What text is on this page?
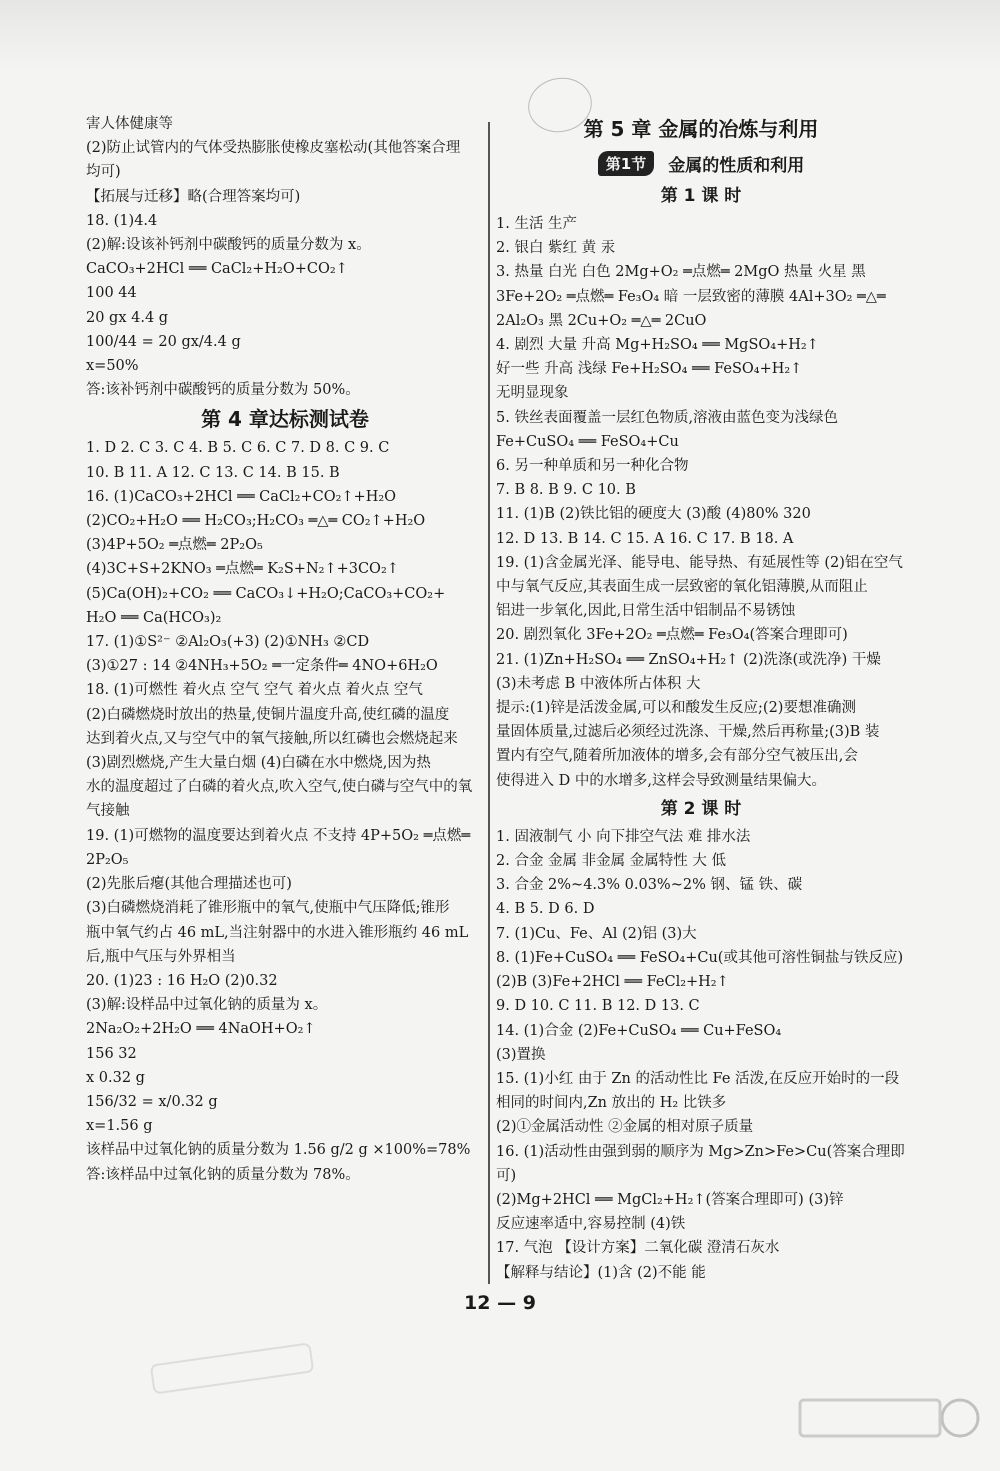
害人体健康等
(2)防止试管内的气体受热膨胀使橡皮塞松动(其他答案合理
均可)
【拓展与迁移】略(合理答案均可)
18. (1)4.4
(2)解:设该补钙剂中碳酸钙的质量分数为 x。
CaCO₃+2HCl ══ CaCl₂+H₂O+CO₂↑
100 44
20 gx 4.4 g
100/44 = 20 gx/4.4 g
x=50%
答:该补钙剂中碳酸钙的质量分数为 50%。
第 4 章达标测试卷
1. D 2. C 3. C 4. B 5. C 6. C 7. D 8. C 9. C
10. B 11. A 12. C 13. C 14. B 15. B
16. (1)CaCO₃+2HCl ══ CaCl₂+CO₂↑+H₂O
(2)CO₂+H₂O ══ H₂CO₃;H₂CO₃ ═△═ CO₂↑+H₂O
(3)4P+5O₂ ═点燃═ 2P₂O₅
(4)3C+S+2KNO₃ ═点燃═ K₂S+N₂↑+3CO₂↑
(5)Ca(OH)₂+CO₂ ══ CaCO₃↓+H₂O;CaCO₃+CO₂+
H₂O ══ Ca(HCO₃)₂
17. (1)①S²⁻ ②Al₂O₃(+3) (2)①NH₃ ②CD
(3)①27 : 14 ②4NH₃+5O₂ ═一定条件═ 4NO+6H₂O
18. (1)可燃性 着火点 空气 空气 着火点 着火点 空气
(2)白磷燃烧时放出的热量,使铜片温度升高,使红磷的温度
达到着火点,又与空气中的氧气接触,所以红磷也会燃烧起来
(3)剧烈燃烧,产生大量白烟 (4)白磷在水中燃烧,因为热
水的温度超过了白磷的着火点,吹入空气,使白磷与空气中的氧
气接触
19. (1)可燃物的温度要达到着火点 不支持 4P+5O₂ ═点燃═
2P₂O₅
(2)先胀后瘪(其他合理描述也可)
(3)白磷燃烧消耗了锥形瓶中的氧气,使瓶中气压降低;锥形
瓶中氧气约占 46 mL,当注射器中的水进入锥形瓶约 46 mL
后,瓶中气压与外界相当
20. (1)23 : 16 H₂O (2)0.32
(3)解:设样品中过氧化钠的质量为 x。
2Na₂O₂+2H₂O ══ 4NaOH+O₂↑
156 32
x 0.32 g
156/32 = x/0.32 g
x=1.56 g
该样品中过氧化钠的质量分数为 1.56 g/2 g ×100%=78%
答:该样品中过氧化钠的质量分数为 78%。
第 5 章 金属的冶炼与利用
第1节	金属的性质和利用
第 1 课 时
1. 生活 生产
2. 银白 紫红 黄 汞
3. 热量 白光 白色 2Mg+O₂ ═点燃═ 2MgO 热量 火星 黑
3Fe+2O₂ ═点燃═ Fe₃O₄ 暗 一层致密的薄膜 4Al+3O₂ ═△═
2Al₂O₃ 黑 2Cu+O₂ ═△═ 2CuO
4. 剧烈 大量 升高 Mg+H₂SO₄ ══ MgSO₄+H₂↑
好一些 升高 浅绿 Fe+H₂SO₄ ══ FeSO₄+H₂↑
无明显现象
5. 铁丝表面覆盖一层红色物质,溶液由蓝色变为浅绿色
Fe+CuSO₄ ══ FeSO₄+Cu
6. 另一种单质和另一种化合物
7. B 8. B 9. C 10. B
11. (1)B (2)铁比铝的硬度大 (3)酸 (4)80% 320
12. D 13. B 14. C 15. A 16. C 17. B 18. A
19. (1)含金属光泽、能导电、能导热、有延展性等 (2)铝在空气
中与氧气反应,其表面生成一层致密的氧化铝薄膜,从而阻止
铝进一步氧化,因此,日常生活中铝制品不易锈蚀
20. 剧烈氧化 3Fe+2O₂ ═点燃═ Fe₃O₄(答案合理即可)
21. (1)Zn+H₂SO₄ ══ ZnSO₄+H₂↑ (2)洗涤(或洗净) 干燥
(3)未考虑 B 中液体所占体积 大
提示:(1)锌是活泼金属,可以和酸发生反应;(2)要想准确测
量固体质量,过滤后必须经过洗涤、干燥,然后再称量;(3)B 装
置内有空气,随着所加液体的增多,会有部分空气被压出,会
使得进入 D 中的水增多,这样会导致测量结果偏大。
第 2 课 时
1. 固液制气 小 向下排空气法 难 排水法
2. 合金 金属 非金属 金属特性 大 低
3. 合金 2%~4.3% 0.03%~2% 钢、锰 铁、碳
4. B 5. D 6. D
7. (1)Cu、Fe、Al (2)铝 (3)大
8. (1)Fe+CuSO₄ ══ FeSO₄+Cu(或其他可溶性铜盐与铁反应)
(2)B (3)Fe+2HCl ══ FeCl₂+H₂↑
9. D 10. C 11. B 12. D 13. C
14. (1)合金 (2)Fe+CuSO₄ ══ Cu+FeSO₄
(3)置换
15. (1)小红 由于 Zn 的活动性比 Fe 活泼,在反应开始时的一段
相同的时间内,Zn 放出的 H₂ 比铁多
(2)①金属活动性 ②金属的相对原子质量
16. (1)活动性由强到弱的顺序为 Mg>Zn>Fe>Cu(答案合理即
可)
(2)Mg+2HCl ══ MgCl₂+H₂↑(答案合理即可) (3)锌
反应速率适中,容易控制 (4)铁
17. 气泡 【设计方案】二氧化碳 澄清石灰水
【解释与结论】(1)含 (2)不能 能
12 — 9
